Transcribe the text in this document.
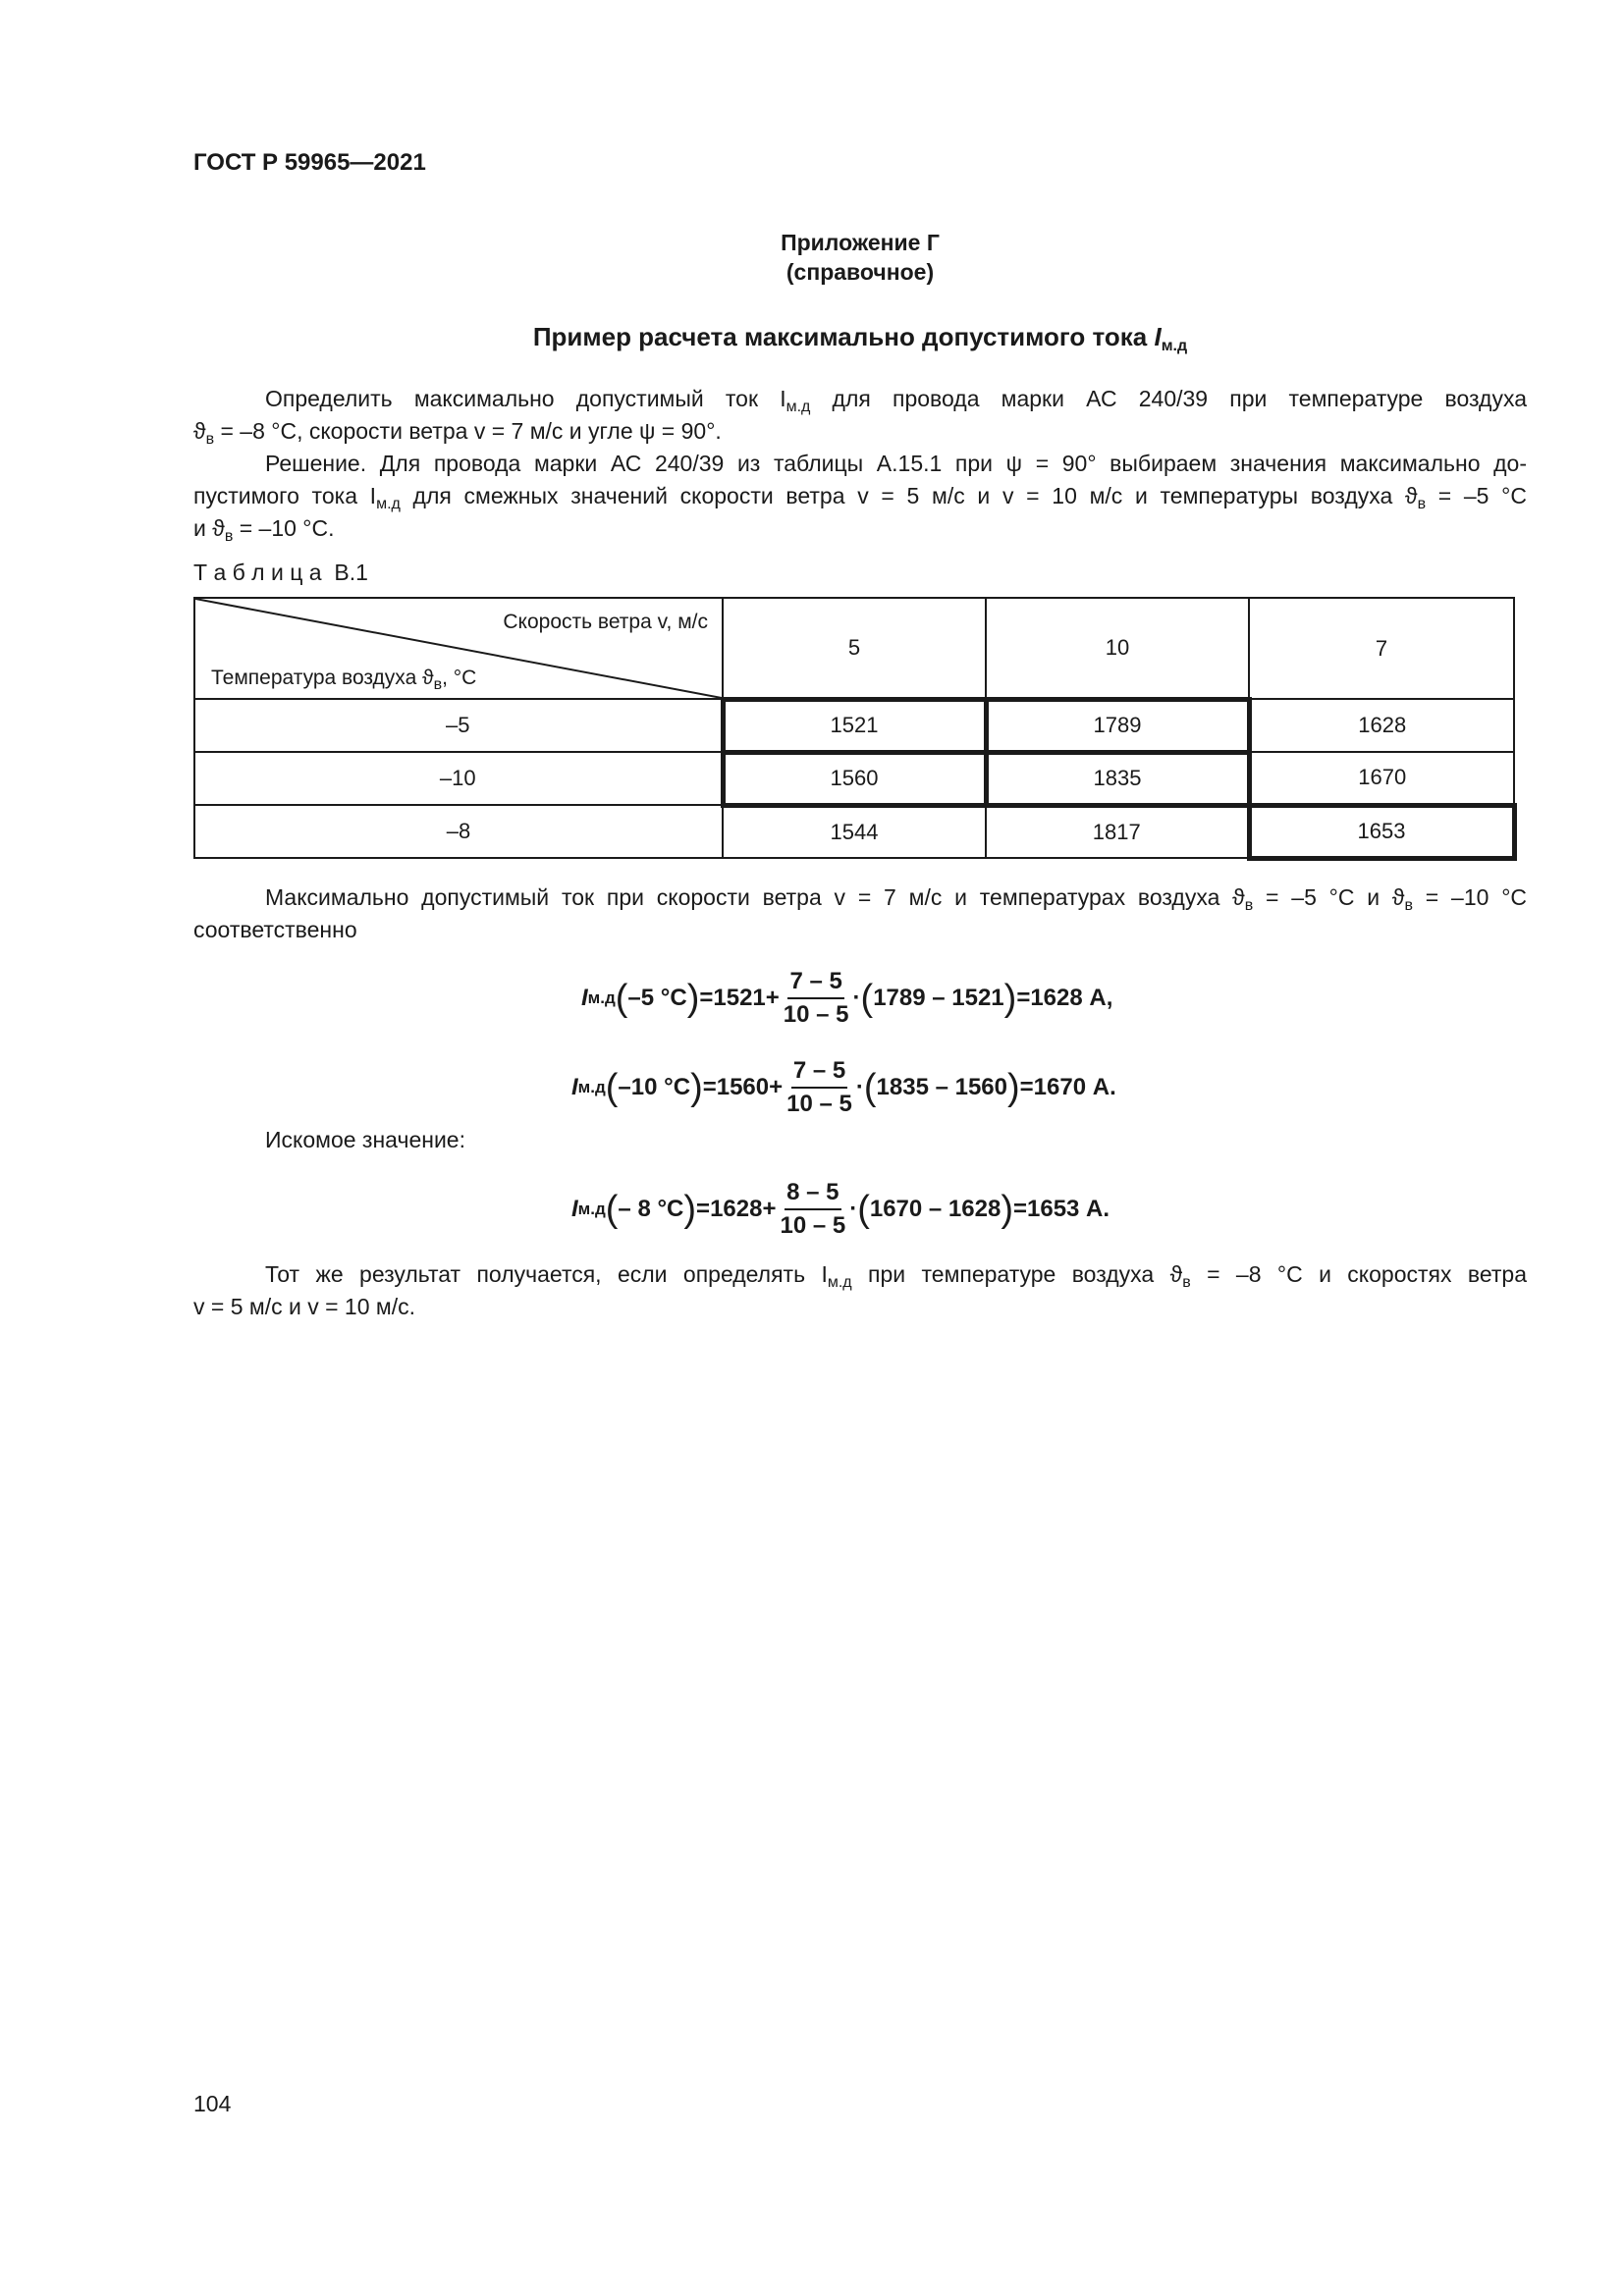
ГОСТ Р 59965—2021
Приложение Г
(справочное)
Пример расчета максимально допустимого тока $I_{м.д}$
Определить максимально допустимый ток $I_{м.д}$ для провода марки АС 240/39 при температуре воздуха
$ϑ_в = -8$ °С, скорости ветра v = 7 м/с и угле ψ = 90°.
Решение. Для провода марки АС 240/39 из таблицы А.15.1 при ψ = 90° выбираем значения максимально до-
пустимого тока $I_{м.д}$ для смежных значений скорости ветра v = 5 м/с и v = 10 м/с и температуры воздуха $ϑ_в = -5$ °С
и $ϑ_в = -10$ °С.
Т а б л и ц а  В.1
Скорость ветра v, м/с
Температура воздуха $ϑ_в$, °С	5	10	7
–5	1521	1789	1628
–10	1560	1835	1670
–8	1544	1817	1653
Максимально допустимый ток при скорости ветра v = 7 м/с и температурах воздуха $ϑ_в = -5$ °С и $ϑ_в = -10$ °С
соответственно
I м.д ( –5 °С ) $=1521+ \frac{7 - 5}{10 - 5}$ · ( 1789 – 1521 ) =1628 А,
I м.д ( –10 °С ) $=1560+ \frac{7 - 5}{10 - 5}$ · ( 1835 – 1560 ) =1670 А.
Искомое значение:
I м.д ( – 8 °С ) $=1628+ \frac{8 - 5}{10 - 5}$ · ( 1670 – 1628 ) =1653 А.
Тот же результат получается, если определять $I_{м.д}$ при температуре воздуха $ϑ_в = -8$ °С и скоростях ветра
v = 5 м/с и v = 10 м/с.
104
